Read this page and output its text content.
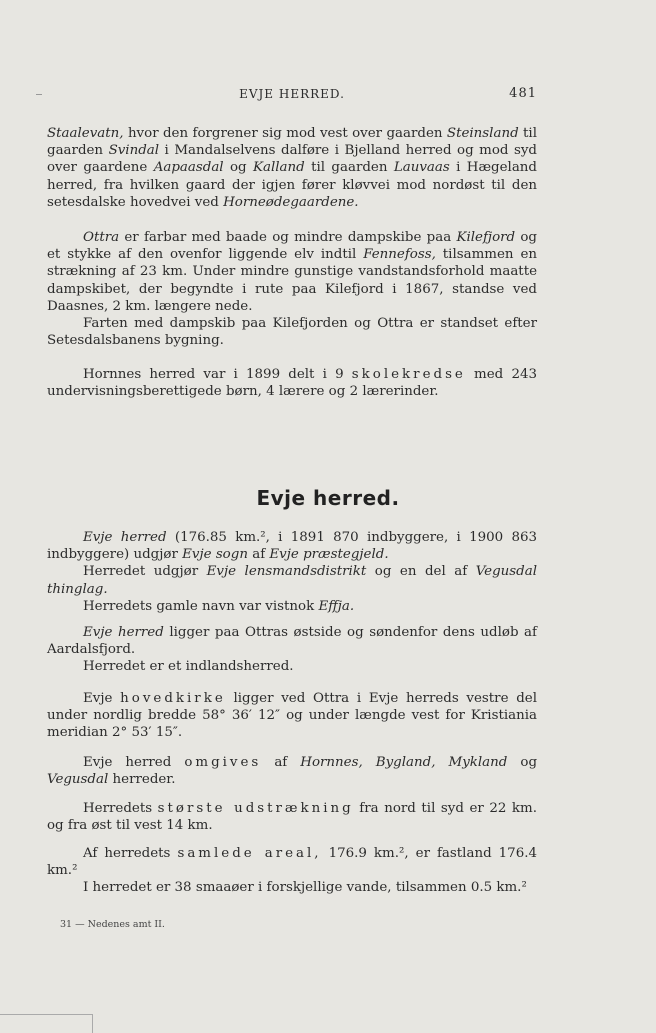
EVJE HERRED.	481

Staalevatn, hvor den forgrener sig mod vest over gaarden Steinsland til gaarden Svindal i Mandalselvens dalføre i Bjelland herred og mod syd over gaardene Aapaasdal og Kalland til gaarden Lauvaas i Hægeland herred, fra hvilken gaard der igjen fører kløvvei mod nordøst til den setesdalske hovedvei ved Horneødegaardene.

Ottra er farbar med baade og mindre dampskibe paa Kilefjord og et stykke af den ovenfor liggende elv indtil Fennefoss, tilsammen en strækning af 23 km. Under mindre gunstige vandstandsforhold maatte dampskibet, der begyndte i rute paa Kilefjord i 1867, standse ved Daasnes, 2 km. længere nede.

Farten med dampskib paa Kilefjorden og Ottra er standset efter Setesdalsbanens bygning.

Hornnes herred var i 1899 delt i 9 skolekredse med 243 undervisningsberettigede børn, 4 lærere og 2 lærerinder.

Evje herred.

Evje herred (176.85 km.², i 1891 870 indbyggere, i 1900 863 indbyggere) udgjør Evje sogn af Evje præstegjeld.

Herredet udgjør Evje lensmandsdistrikt og en del af Vegusdal thinglag.

Herredets gamle navn var vistnok Effja.

Evje herred ligger paa Ottras østside og søndenfor dens udløb af Aardalsfjord.

Herredet er et indlandsherred.

Evje hovedkirke ligger ved Ottra i Evje herreds vestre del under nordlig bredde 58° 36′ 12″ og under længde vest for Kristiania meridian 2° 53′ 15″.

Evje herred omgives af Hornnes, Bygland, Mykland og Vegusdal herreder.

Herredets største udstrækning fra nord til syd er 22 km. og fra øst til vest 14 km.

Af herredets samlede areal, 176.9 km.², er fastland 176.4 km.²

I herredet er 38 smaaøer i forskjellige vande, tilsammen 0.5 km.²

31 — Nedenes amt II.
